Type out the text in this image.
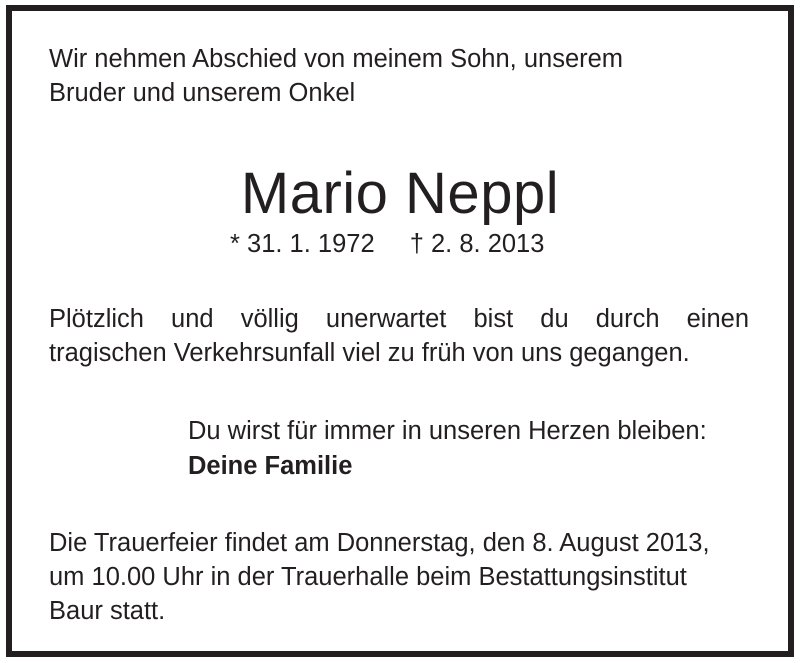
Wir nehmen Abschied von meinem Sohn, unserem
Bruder und unserem Onkel
Mario Neppl
* 31. 1. 1972 † 2. 8. 2013
Plötzlich und völlig unerwartet bist du durch einen
tragischen Verkehrsunfall viel zu früh von uns gegangen.
Du wirst für immer in unseren Herzen bleiben:
Deine Familie
Die Trauerfeier findet am Donnerstag, den 8. August 2013,
um 10.00 Uhr in der Trauerhalle beim Bestattungsinstitut
Baur statt.
